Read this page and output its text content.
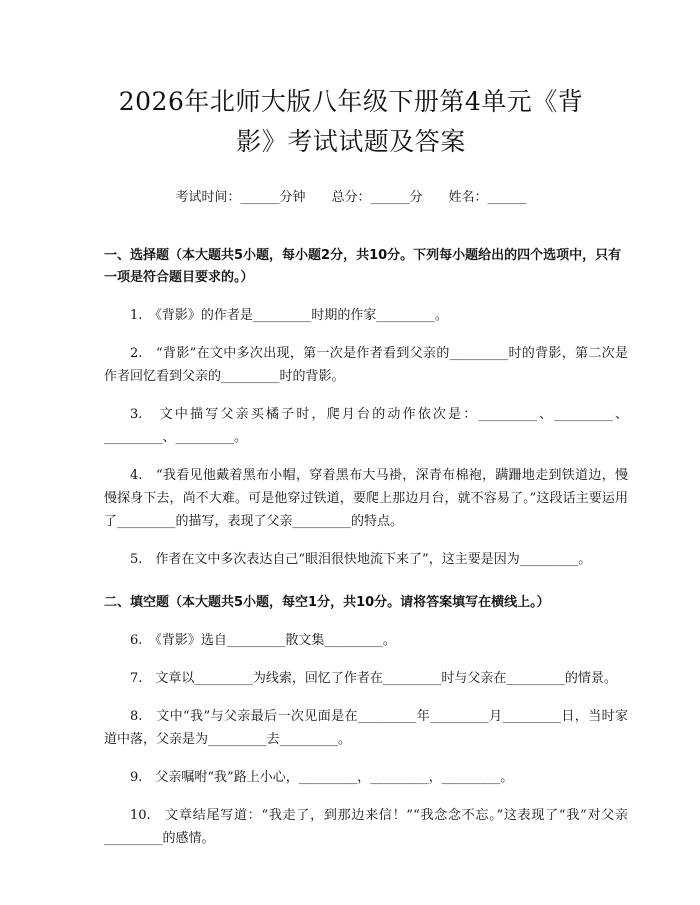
2026年北师大版八年级下册第4单元《背
影》考试试题及答案
考试时间：______分钟 总分：______分 姓名：______

一、选择题（本大题共5小题，每小题2分，共10分。下列每小题给出的四个选项中，只有一项是符合题目要求的。）

1.　《背影》的作者是_________时期的作家_________。

2.　“背影”在文中多次出现，第一次是作者看到父亲的_________时的背影，第二次是作者回忆看到父亲的_________时的背影。

3.　文中描写父亲买橘子时，爬月台的动作依次是：_________、_________、_________、_________。

4.　“我看见他戴着黑布小帽，穿着黑布大马褂，深青布棉袍，蹒跚地走到铁道边，慢慢探身下去，尚不大难。可是他穿过铁道，要爬上那边月台，就不容易了。”这段话主要运用了_________的描写，表现了父亲_________的特点。

5.　作者在文中多次表达自己“眼泪很快地流下来了”，这主要是因为_________。

二、填空题（本大题共5小题，每空1分，共10分。请将答案填写在横线上。）

6.　《背影》选自_________散文集_________。

7.　文章以_________为线索，回忆了作者在_________时与父亲在_________的情景。

8.　文中“我”与父亲最后一次见面是在_________年_________月_________日，当时家道中落，父亲是为_________去_________。

9.　父亲嘱咐“我”路上小心，_________，_________，_________。

10.　文章结尾写道：“我走了，到那边来信！”“我念念不忘。”这表现了“我”对父亲_________的感情。
